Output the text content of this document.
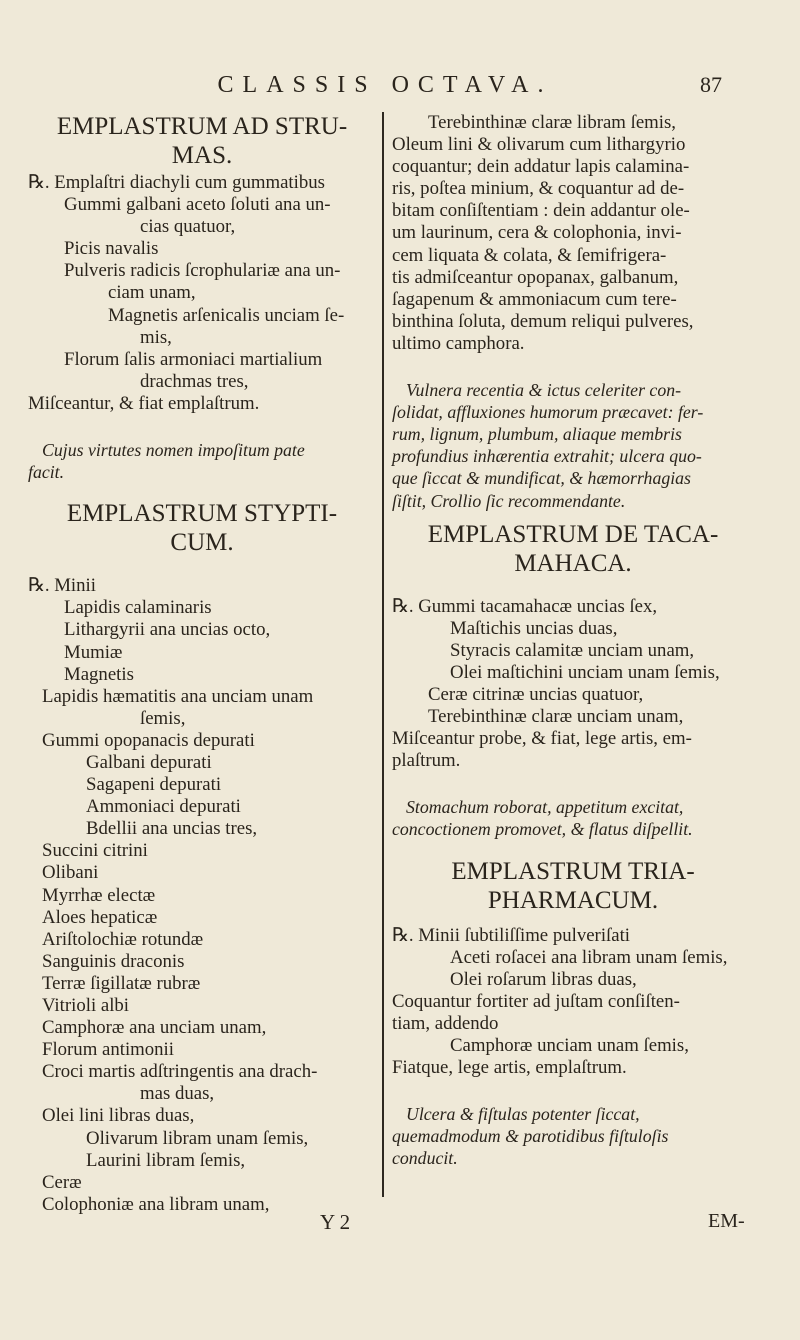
CLASSIS OCTAVA.	87
EMPLASTRUM AD STRU-
MAS.
℞. Emplaſtri diachyli cum gummatibus
Gummi galbani aceto ſoluti ana un-
cias quatuor,
Picis navalis
Pulveris radicis ſcrophulariæ ana un-
ciam unam,
Magnetis arſenicalis unciam ſe-
mis,
Florum ſalis armoniaci martialium
drachmas tres,
Miſceantur, & fiat emplaſtrum.
Cujus virtutes nomen impoſitum pate
facit.
EMPLASTRUM STYPTI-
CUM.
℞. Minii
Lapidis calaminaris
Lithargyrii ana uncias octo,
Mumiæ
Magnetis
Lapidis hæmatitis ana unciam unam
ſemis,
Gummi opopanacis depurati
Galbani depurati
Sagapeni depurati
Ammoniaci depurati
Bdellii ana uncias tres,
Succini citrini
Olibani
Myrrhæ electæ
Aloes hepaticæ
Ariſtolochiæ rotundæ
Sanguinis draconis
Terræ ſigillatæ rubræ
Vitrioli albi
Camphoræ ana unciam unam,
Florum antimonii
Croci martis adſtringentis ana drach-
mas duas,
Olei lini libras duas,
Olivarum libram unam ſemis,
Laurini libram ſemis,
Ceræ
Colophoniæ ana libram unam,
Terebinthinæ claræ libram ſemis,
Oleum lini & olivarum cum lithargyrio
coquantur; dein addatur lapis calamina-
ris, poſtea minium, & coquantur ad de-
bitam conſiſtentiam : dein addantur ole-
um laurinum, cera & colophonia, invi-
cem liquata & colata, & ſemifrigera-
tis admiſceantur opopanax, galbanum,
ſagapenum & ammoniacum cum tere-
binthina ſoluta, demum reliqui pulveres,
ultimo camphora.
Vulnera recentia & ictus celeriter con-
ſolidat, affluxiones humorum præcavet: fer-
rum, lignum, plumbum, aliaque membris
profundius inhærentia extrahit; ulcera quo-
que ſiccat & mundificat, & hæmorrhagias
ſiſtit, Crollio ſic recommendante.
EMPLASTRUM DE TACA-
MAHACA.
℞. Gummi tacamahacæ uncias ſex,
Maſtichis uncias duas,
Styracis calamitæ unciam unam,
Olei maſtichini unciam unam ſemis,
Ceræ citrinæ uncias quatuor,
Terebinthinæ claræ unciam unam,
Miſceantur probe, & fiat, lege artis, em-
plaſtrum.
Stomachum roborat, appetitum excitat,
concoctionem promovet, & flatus diſpellit.
EMPLASTRUM TRIA-
PHARMACUM.
℞. Minii ſubtiliſſime pulveriſati
Aceti roſacei ana libram unam ſemis,
Olei roſarum libras duas,
Coquantur fortiter ad juſtam conſiſten-
tiam, addendo
Camphoræ unciam unam ſemis,
Fiatque, lege artis, emplaſtrum.
Ulcera & fiſtulas potenter ſiccat,
quemadmodum & parotidibus fiſtuloſis
conducit.
Y 2	EM-
